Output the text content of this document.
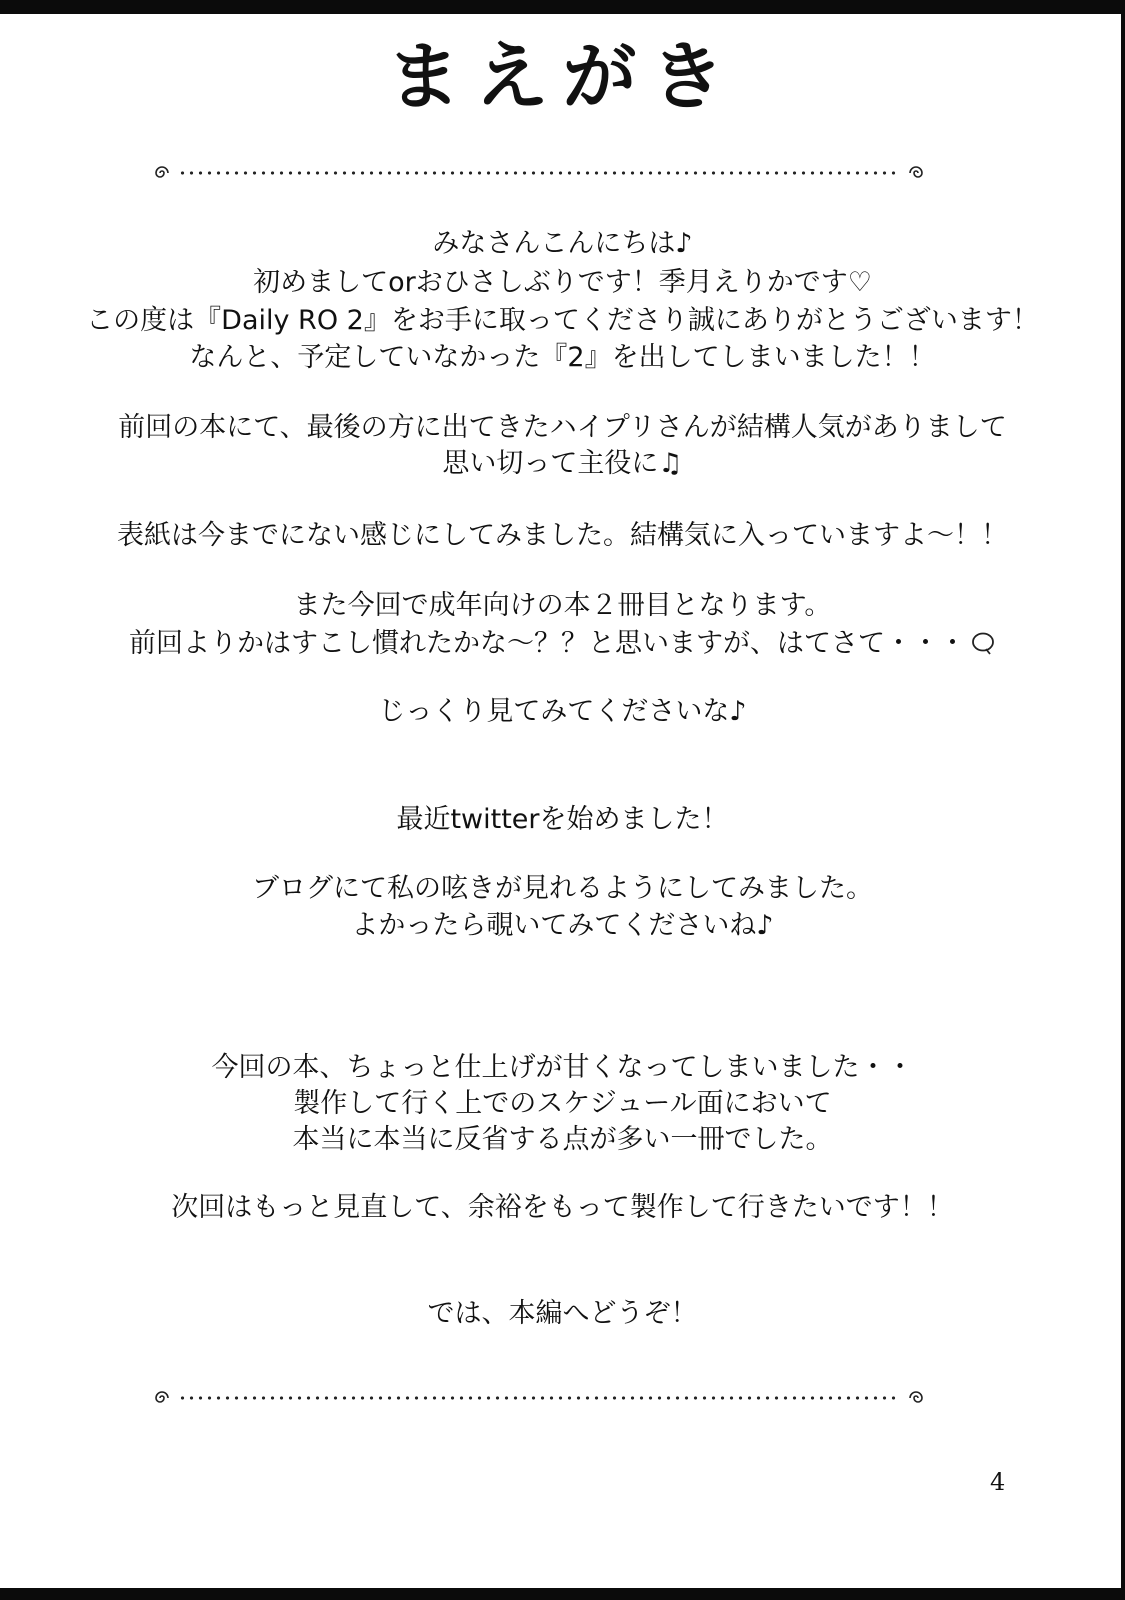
まえがき
みなさんこんにちは♪
初めましてorおひさしぶりです！季月えりかです♡
この度は『Daily RO 2』をお手に取ってくださり誠にありがとうございます！
なんと、予定していなかった『2』を出してしまいました！！
前回の本にて、最後の方に出てきたハイプリさんが結構人気がありまして
思い切って主役に♫
表紙は今までにない感じにしてみました。結構気に入っていますよ～！！
また今回で成年向けの本２冊目となります。
前回よりかはすこし慣れたかな～？？と思いますが、はてさて・・・
じっくり見てみてくださいな♪
最近twitterを始めました！
ブログにて私の呟きが見れるようにしてみました。
よかったら覗いてみてくださいね♪
今回の本、ちょっと仕上げが甘くなってしまいました・・
製作して行く上でのスケジュール面において
本当に本当に反省する点が多い一冊でした。
次回はもっと見直して、余裕をもって製作して行きたいです！！
では、本編へどうぞ！
4
